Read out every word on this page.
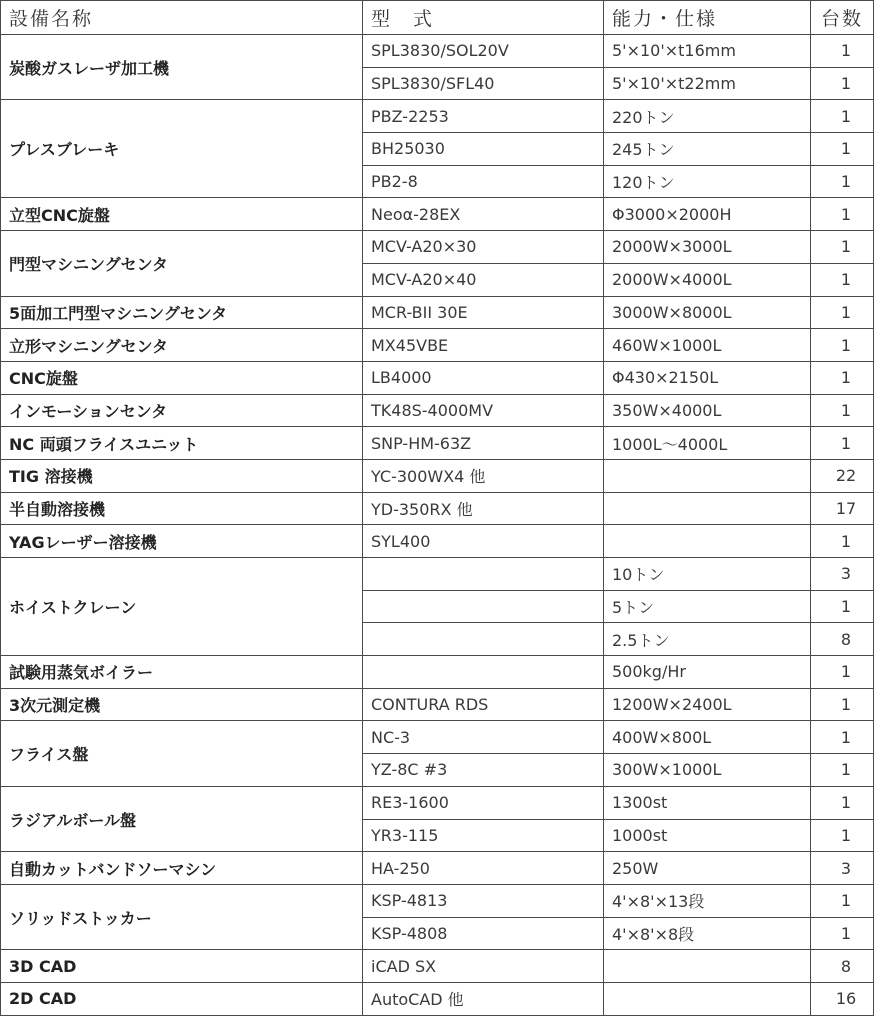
設備名称	型　式	能力・仕様	台数
炭酸ガスレーザ加工機	SPL3830/SOL20V	5'×10'×t16mm	1
	SPL3830/SFL40	5'×10'×t22mm	1
プレスブレーキ	PBZ-2253	220トン	1
	BH25030	245トン	1
	PB2-8	120トン	1
立型CNC旋盤	Neoα-28EX	Φ3000×2000H	1
門型マシニングセンタ	MCV-A20×30	2000W×3000L	1
	MCV-A20×40	2000W×4000L	1
5面加工門型マシニングセンタ	MCR-BII 30E	3000W×8000L	1
立形マシニングセンタ	MX45VBE	460W×1000L	1
CNC旋盤	LB4000	Φ430×2150L	1
インモーションセンタ	TK48S-4000MV	350W×4000L	1
NC 両頭フライスユニット	SNP-HM-63Z	1000L～4000L	1
TIG 溶接機	YC-300WX4 他		22
半自動溶接機	YD-350RX 他		17
YAGレーザー溶接機	SYL400		1
ホイストクレーン		10トン	3
		5トン	1
		2.5トン	8
試験用蒸気ボイラー		500kg/Hr	1
3次元測定機	CONTURA RDS	1200W×2400L	1
フライス盤	NC-3	400W×800L	1
	YZ-8C #3	300W×1000L	1
ラジアルボール盤	RE3-1600	1300st	1
	YR3-115	1000st	1
自動カットバンドソーマシン	HA-250	250W	3
ソリッドストッカー	KSP-4813	4'×8'×13段	1
	KSP-4808	4'×8'×8段	1
3D CAD	iCAD SX		8
2D CAD	AutoCAD 他		16
